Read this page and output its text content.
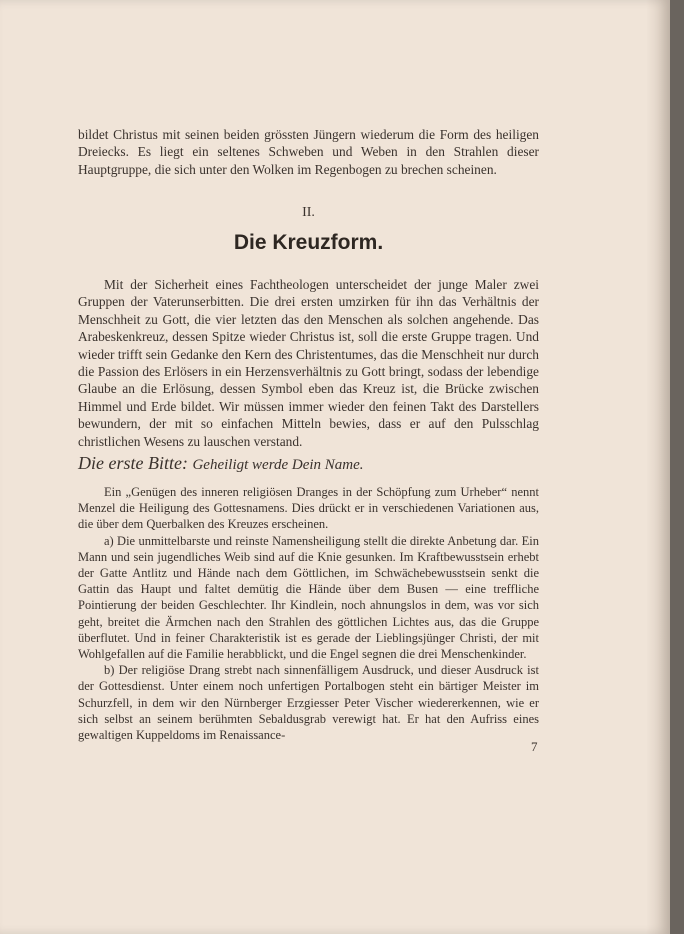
bildet Christus mit seinen beiden grössten Jüngern wiederum die Form des heiligen Dreiecks. Es liegt ein seltenes Schweben und Weben in den Strahlen dieser Hauptgruppe, die sich unter den Wolken im Regenbogen zu brechen scheinen.

II.
Die Kreuzform.

Mit der Sicherheit eines Fachtheologen unterscheidet der junge Maler zwei Gruppen der Vaterunserbitten. Die drei ersten umzirken für ihn das Verhältnis der Menschheit zu Gott, die vier letzten das den Menschen als solchen angehende. Das Arabeskenkreuz, dessen Spitze wieder Christus ist, soll die erste Gruppe tragen. Und wieder trifft sein Gedanke den Kern des Christentumes, das die Menschheit nur durch die Passion des Erlösers in ein Herzensverhältnis zu Gott bringt, sodass der lebendige Glaube an die Erlösung, dessen Symbol eben das Kreuz ist, die Brücke zwischen Himmel und Erde bildet. Wir müssen immer wieder den feinen Takt des Darstellers bewundern, der mit so einfachen Mitteln bewies, dass er auf den Pulsschlag christlichen Wesens zu lauschen verstand.

Die erste Bitte: Geheiligt werde Dein Name.

Ein „Genügen des inneren religiösen Dranges in der Schöpfung zum Urheber“ nennt Menzel die Heiligung des Gottesnamens. Dies drückt er in verschiedenen Variationen aus, die über dem Querbalken des Kreuzes erscheinen.

a) Die unmittelbarste und reinste Namensheiligung stellt die direkte Anbetung dar. Ein Mann und sein jugendliches Weib sind auf die Knie gesunken. Im Kraftbewusstsein erhebt der Gatte Antlitz und Hände nach dem Göttlichen, im Schwächebewusstsein senkt die Gattin das Haupt und faltet demütig die Hände über dem Busen — eine treffliche Pointierung der beiden Geschlechter. Ihr Kindlein, noch ahnungslos in dem, was vor sich geht, breitet die Ärmchen nach den Strahlen des göttlichen Lichtes aus, das die Gruppe überflutet. Und in feiner Charakteristik ist es gerade der Lieblingsjünger Christi, der mit Wohlgefallen auf die Familie herabblickt, und die Engel segnen die drei Menschenkinder.

b) Der religiöse Drang strebt nach sinnenfälligem Ausdruck, und dieser Ausdruck ist der Gottesdienst. Unter einem noch unfertigen Portalbogen steht ein bärtiger Meister im Schurzfell, in dem wir den Nürnberger Erzgiesser Peter Vischer wiedererkennen, wie er sich selbst an seinem berühmten Sebaldusgrab verewigt hat. Er hat den Aufriss eines gewaltigen Kuppeldoms im Renaissance-

7
